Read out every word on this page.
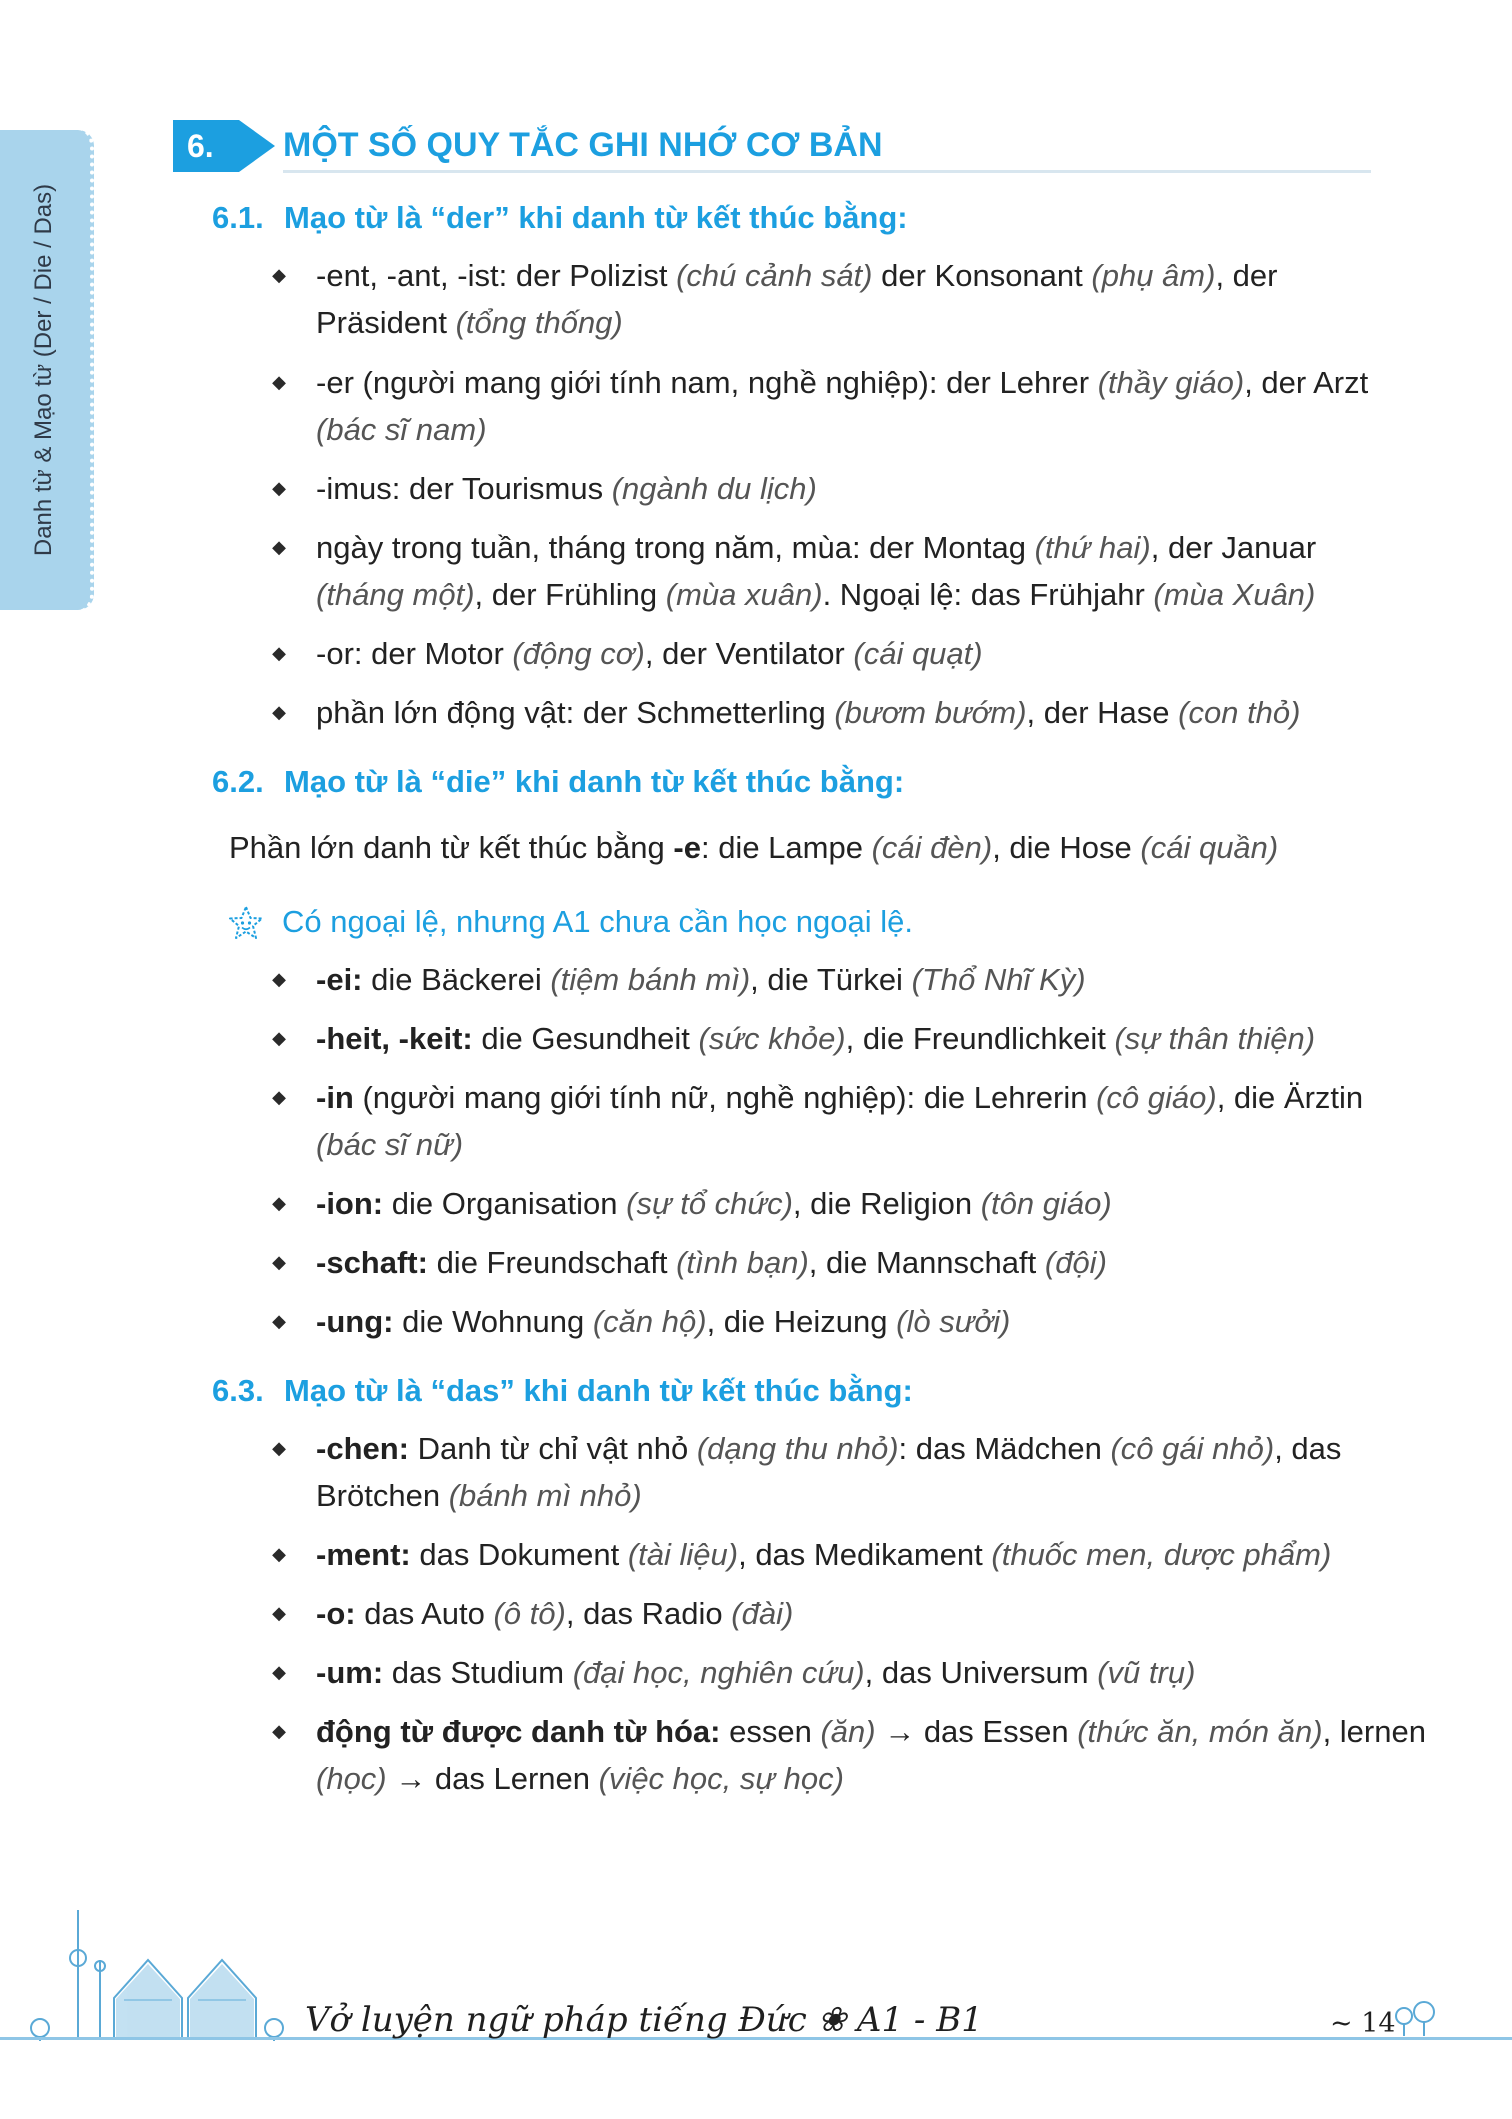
Danh từ & Mạo từ (Der / Die / Das)
6. MỘT SỐ QUY TẮC GHI NHỚ CƠ BẢN
6.1. Mạo từ là “der” khi danh từ kết thúc bằng:
◆ -ent, -ant, -ist: der Polizist (chú cảnh sát) der Konsonant (phụ âm), der
Präsident (tổng thống)
◆ -er (người mang giới tính nam, nghề nghiệp): der Lehrer (thầy giáo), der Arzt
(bác sĩ nam)
◆ -imus: der Tourismus (ngành du lịch)
◆ ngày trong tuần, tháng trong năm, mùa: der Montag (thứ hai), der Januar
(tháng một), der Frühling (mùa xuân). Ngoại lệ: das Frühjahr (mùa Xuân)
◆ -or: der Motor (động cơ), der Ventilator (cái quạt)
◆ phần lớn động vật: der Schmetterling (bươm bướm), der Hase (con thỏ)
6.2. Mạo từ là “die” khi danh từ kết thúc bằng:
Phần lớn danh từ kết thúc bằng -e: die Lampe (cái đèn), die Hose (cái quần)
Có ngoại lệ, nhưng A1 chưa cần học ngoại lệ.
◆ -ei: die Bäckerei (tiệm bánh mì), die Türkei (Thổ Nhĩ Kỳ)
◆ -heit, -keit: die Gesundheit (sức khỏe), die Freundlichkeit (sự thân thiện)
◆ -in (người mang giới tính nữ, nghề nghiệp): die Lehrerin (cô giáo), die Ärztin
(bác sĩ nữ)
◆ -ion: die Organisation (sự tổ chức), die Religion (tôn giáo)
◆ -schaft: die Freundschaft (tình bạn), die Mannschaft (đội)
◆ -ung: die Wohnung (căn hộ), die Heizung (lò sưởi)
6.3. Mạo từ là “das” khi danh từ kết thúc bằng:
◆ -chen: Danh từ chỉ vật nhỏ (dạng thu nhỏ): das Mädchen (cô gái nhỏ), das
Brötchen (bánh mì nhỏ)
◆ -ment: das Dokument (tài liệu), das Medikament (thuốc men, dược phẩm)
◆ -o: das Auto (ô tô), das Radio (đài)
◆ -um: das Studium (đại học, nghiên cứu), das Universum (vũ trụ)
◆ động từ được danh từ hóa: essen (ăn) → das Essen (thức ăn, món ăn), lernen
(học) → das Lernen (việc học, sự học)
Vở luyện ngữ pháp tiếng Đức ❀ A1 - B1	~ 14
